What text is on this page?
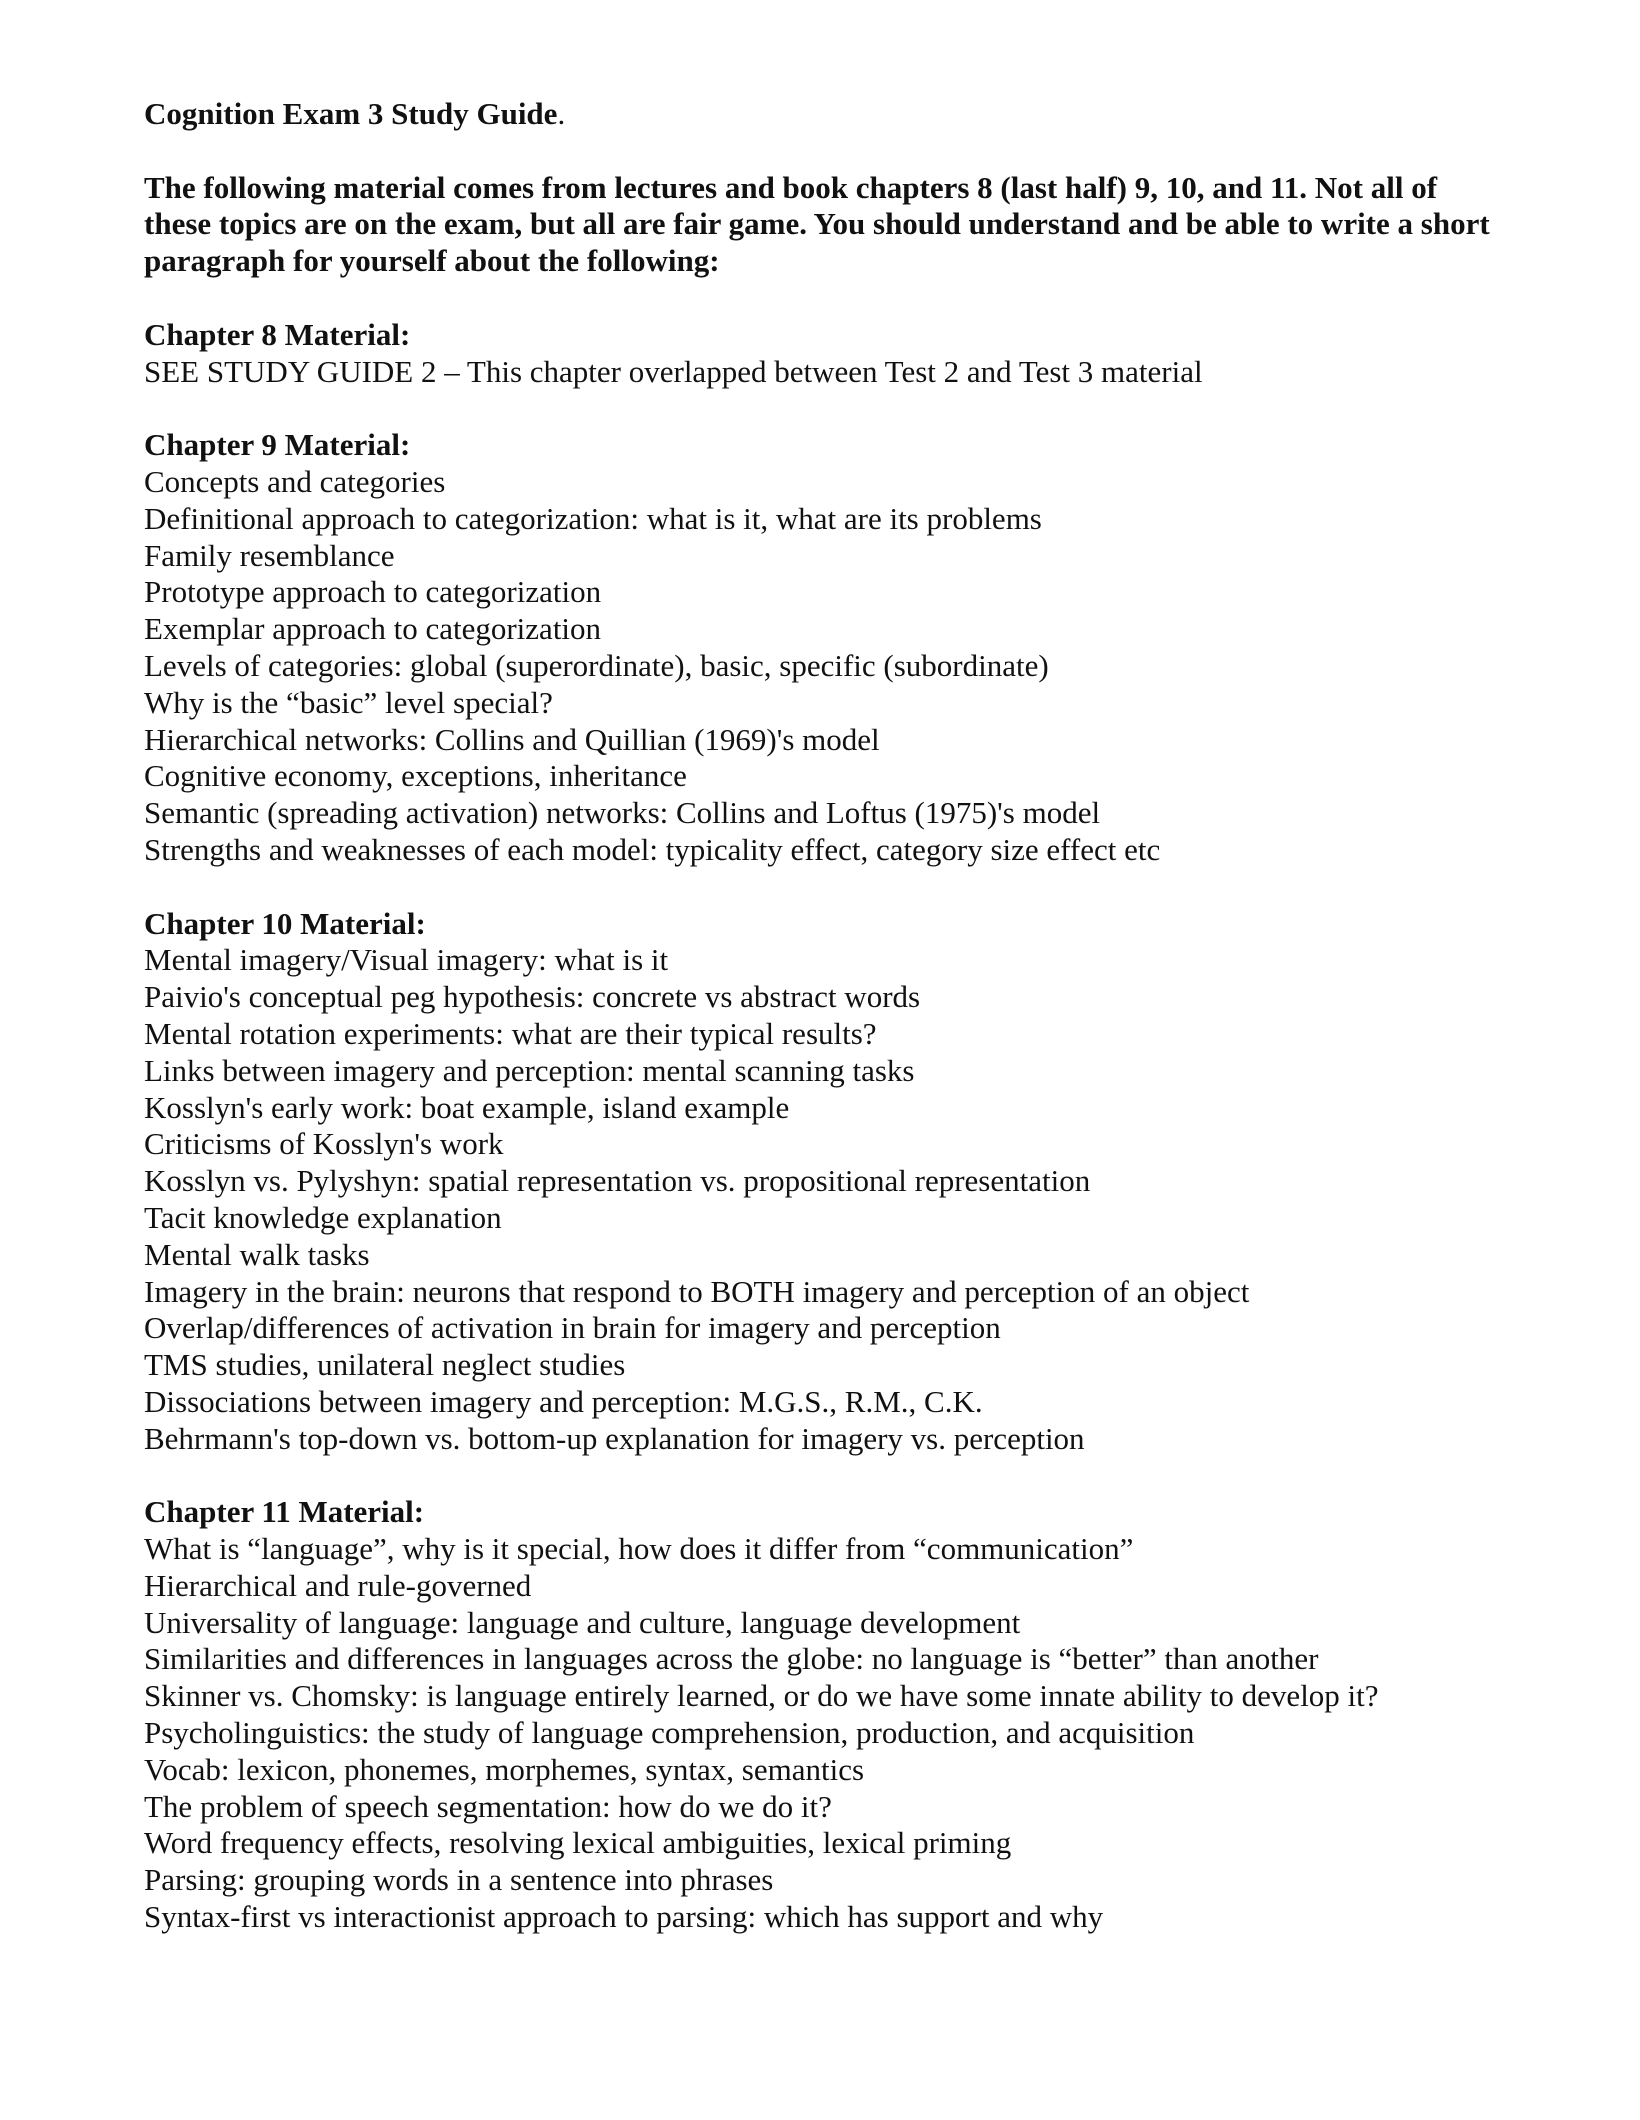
Cognition Exam 3 Study Guide.

The following material comes from lectures and book chapters 8 (last half) 9, 10, and 11. Not all of these topics are on the exam, but all are fair game. You should understand and be able to write a short paragraph for yourself about the following:

Chapter 8 Material:

SEE STUDY GUIDE 2 – This chapter overlapped between Test 2 and Test 3 material

Chapter 9 Material:

Concepts and categories
Definitional approach to categorization: what is it, what are its problems
Family resemblance
Prototype approach to categorization
Exemplar approach to categorization
Levels of categories: global (superordinate), basic, specific (subordinate)
Why is the “basic” level special?
Hierarchical networks: Collins and Quillian (1969)'s model
Cognitive economy, exceptions, inheritance
Semantic (spreading activation) networks: Collins and Loftus (1975)'s model
Strengths and weaknesses of each model: typicality effect, category size effect etc

Chapter 10 Material:

Mental imagery/Visual imagery: what is it
Paivio's conceptual peg hypothesis: concrete vs abstract words
Mental rotation experiments: what are their typical results?
Links between imagery and perception: mental scanning tasks
Kosslyn's early work: boat example, island example
Criticisms of Kosslyn's work
Kosslyn vs. Pylyshyn: spatial representation vs. propositional representation
Tacit knowledge explanation
Mental walk tasks
Imagery in the brain: neurons that respond to BOTH imagery and perception of an object
Overlap/differences of activation in brain for imagery and perception
TMS studies, unilateral neglect studies
Dissociations between imagery and perception: M.G.S., R.M., C.K.
Behrmann's top-down vs. bottom-up explanation for imagery vs. perception

Chapter 11 Material:

What is “language”, why is it special, how does it differ from “communication”
Hierarchical and rule-governed
Universality of language: language and culture, language development
Similarities and differences in languages across the globe: no language is “better” than another
Skinner vs. Chomsky: is language entirely learned, or do we have some innate ability to develop it?
Psycholinguistics: the study of language comprehension, production, and acquisition
Vocab: lexicon, phonemes, morphemes, syntax, semantics
The problem of speech segmentation: how do we do it?
Word frequency effects, resolving lexical ambiguities, lexical priming
Parsing: grouping words in a sentence into phrases
Syntax-first vs interactionist approach to parsing: which has support and why
